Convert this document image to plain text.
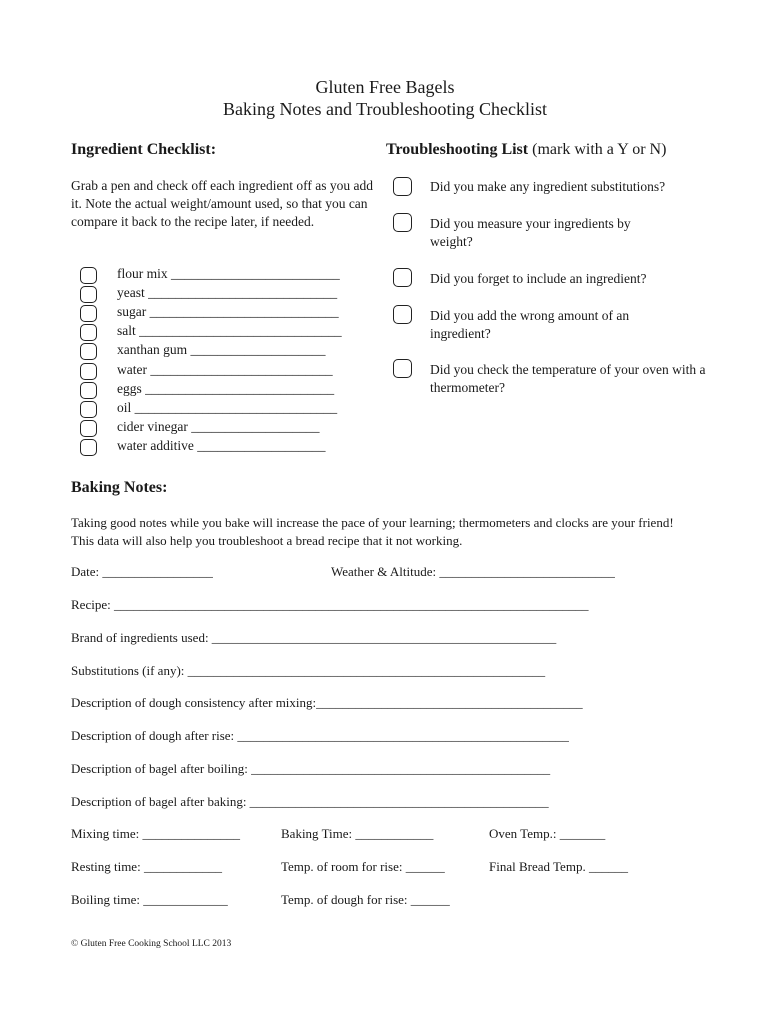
Gluten Free Bagels
Baking Notes and Troubleshooting Checklist
Ingredient Checklist:
Grab a pen and check off each ingredient off as you add it. Note the actual weight/amount used, so that you can compare it back to the recipe later, if needed.
flour mix _________________________
yeast ____________________________
sugar ____________________________
salt ______________________________
xanthan gum ____________________
water ___________________________
eggs ____________________________
oil ______________________________
cider vinegar ___________________
water additive ___________________
Troubleshooting List (mark with a Y or N)
Did you make any ingredient substitutions?
Did you measure your ingredients by weight?
Did you forget to include an ingredient?
Did you add the wrong amount of an ingredient?
Did you check the temperature of your oven with a thermometer?
Baking Notes:
Taking good notes while you bake will increase the pace of your learning; thermometers and clocks are your friend! This data will also help you troubleshoot a bread recipe that it not working.
Date: _________________	Weather & Altitude: ___________________________
Recipe: _________________________________________________________________________
Brand of ingredients used: _____________________________________________________
Substitutions (if any): _______________________________________________________
Description of dough consistency after mixing:_________________________________________
Description of dough after rise: ___________________________________________________
Description of bagel after boiling: ______________________________________________
Description of bagel after baking: ______________________________________________
Mixing time: _______________	Baking Time: ____________	Oven Temp.: _______
Resting time: ____________	Temp. of room for rise: ______	Final Bread Temp. ______
Boiling time: _____________	Temp. of dough for rise: ______
© Gluten Free Cooking School LLC 2013
